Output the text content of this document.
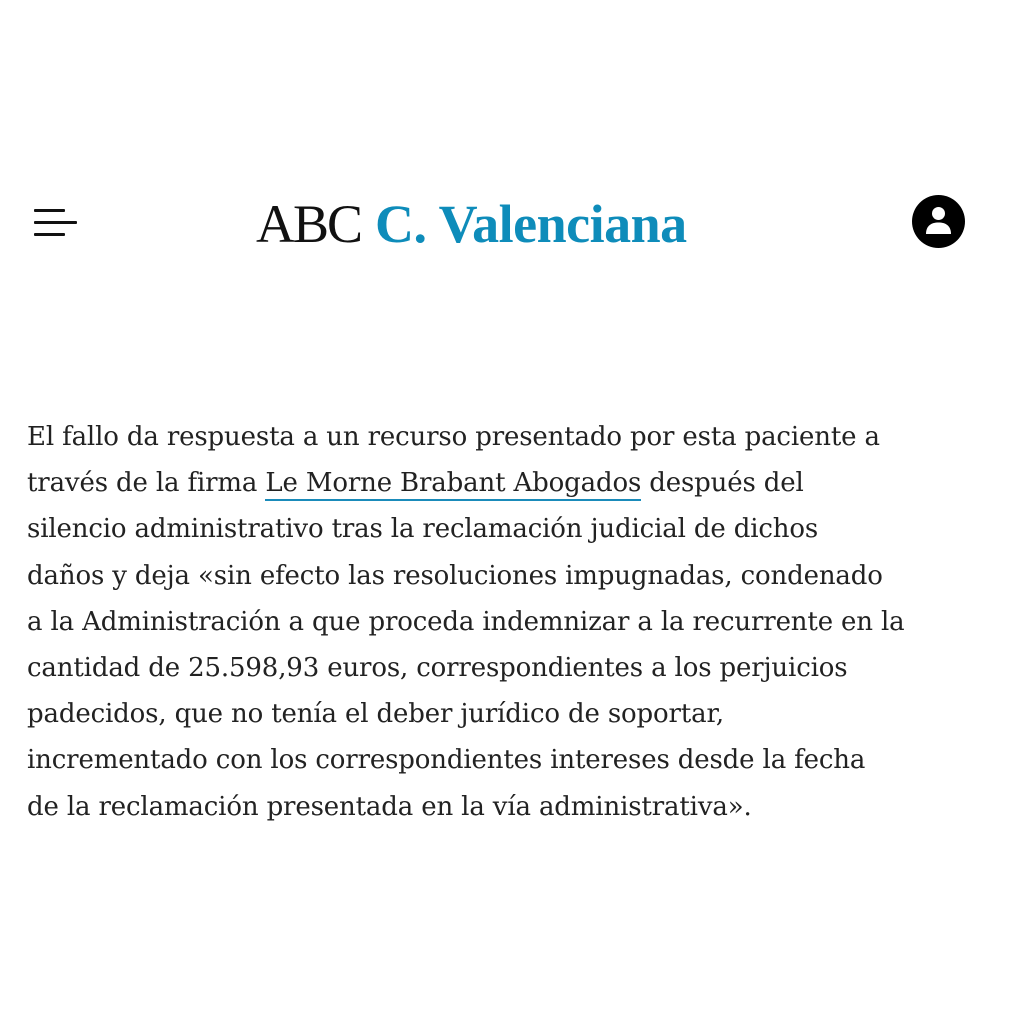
ABC C. Valenciana

El fallo da respuesta a un recurso presentado por esta paciente a
través de la firma Le Morne Brabant Abogados después del
silencio administrativo tras la reclamación judicial de dichos
daños y deja «sin efecto las resoluciones impugnadas, condenado
a la Administración a que proceda indemnizar a la recurrente en la
cantidad de 25.598,93 euros, correspondientes a los perjuicios
padecidos, que no tenía el deber jurídico de soportar,
incrementado con los correspondientes intereses desde la fecha
de la reclamación presentada en la vía administrativa».
